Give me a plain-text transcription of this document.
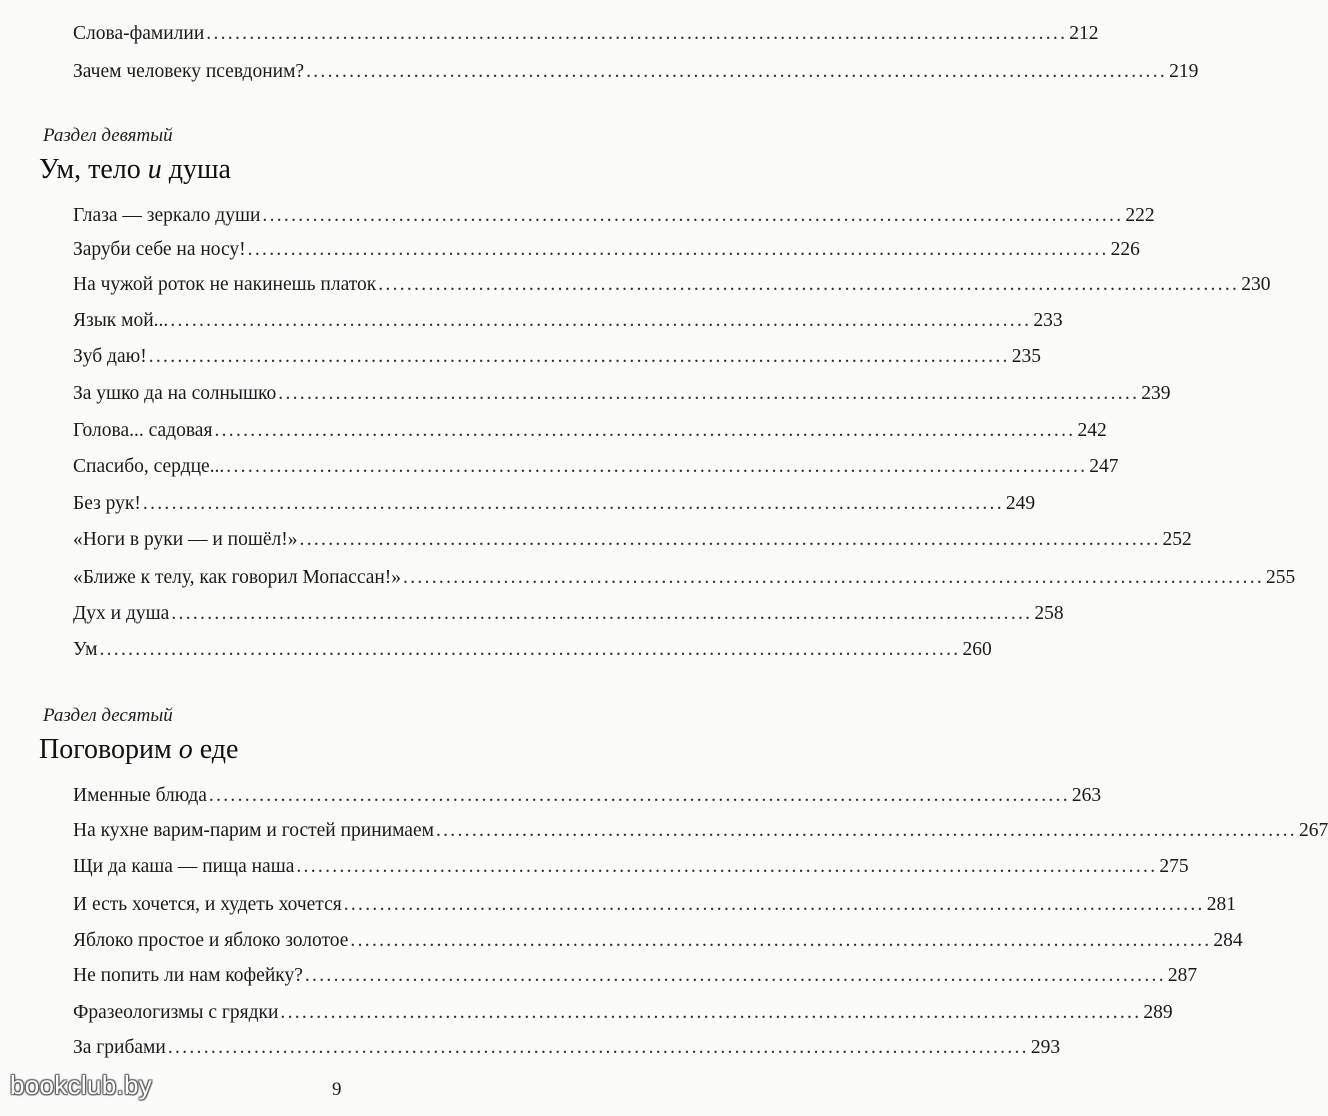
Слова-фамилии ........................................................................................................................ 212
Зачем человеку псевдоним? ........................................................................................................................ 219
Раздел девятый
Ум, тело и душа
Глаза — зеркало души ........................................................................................................................ 222
Заруби себе на носу! ........................................................................................................................ 226
На чужой роток не накинешь платок ........................................................................................................................ 230
Язык мой... ........................................................................................................................ 233
Зуб даю! ........................................................................................................................ 235
За ушко да на солнышко ........................................................................................................................ 239
Голова... садовая ........................................................................................................................ 242
Спасибо, сердце... ........................................................................................................................ 247
Без рук! ........................................................................................................................ 249
«Ноги в руки — и пошёл!» ........................................................................................................................ 252
«Ближе к телу, как говорил Мопассан!» ........................................................................................................................ 255
Дух и душа ........................................................................................................................ 258
Ум ........................................................................................................................ 260
Раздел десятый
Поговорим о еде
Именные блюда ........................................................................................................................ 263
На кухне варим-парим и гостей принимаем ........................................................................................................................ 267
Щи да каша — пища наша ........................................................................................................................ 275
И есть хочется, и худеть хочется ........................................................................................................................ 281
Яблоко простое и яблоко золотое ........................................................................................................................ 284
Не попить ли нам кофейку? ........................................................................................................................ 287
Фразеологизмы с грядки ........................................................................................................................ 289
За грибами ........................................................................................................................ 293
9
bookclub.by
